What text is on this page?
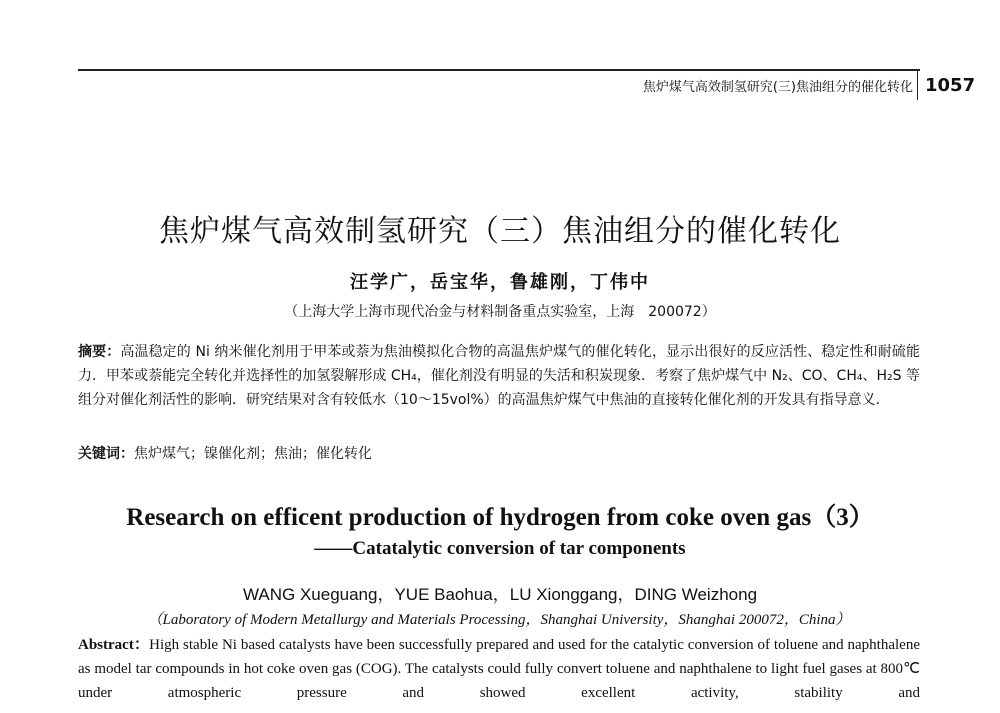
焦炉煤气高效制氢研究(三)焦油组分的催化转化 1057
焦炉煤气高效制氢研究（三）焦油组分的催化转化
汪学广，岳宝华，鲁雄刚，丁伟中
（上海大学上海市现代冶金与材料制备重点实验室，上海　200072）
摘要：高温稳定的 Ni 纳米催化剂用于甲苯或萘为焦油模拟化合物的高温焦炉煤气的催化转化，显示出很好的反应活性、稳定性和耐硫能力．甲苯或萘能完全转化并选择性的加氢裂解形成 CH₄，催化剂没有明显的失活和积炭现象．考察了焦炉煤气中 N₂、CO、CH₄、H₂S 等组分对催化剂活性的影响．研究结果对含有较低水（10～15vol%）的高温焦炉煤气中焦油的直接转化催化剂的开发具有指导意义．
关键词：焦炉煤气；镍催化剂；焦油；催化转化
Research on efficent production of hydrogen from coke oven gas（3）
——Catatalytic conversion of tar components
WANG Xueguang，YUE Baohua，LU Xionggang，DING Weizhong
（Laboratory of Modern Metallurgy and Materials Processing，Shanghai University，Shanghai 200072，China）
Abstract：High stable Ni based catalysts have been successfully prepared and used for the catalytic conversion of toluene and naphthalene as model tar compounds in hot coke oven gas (COG). The catalysts could fully convert toluene and naphthalene to light fuel gases at 800℃ under atmospheric pressure and showed excellent activity, stability and
